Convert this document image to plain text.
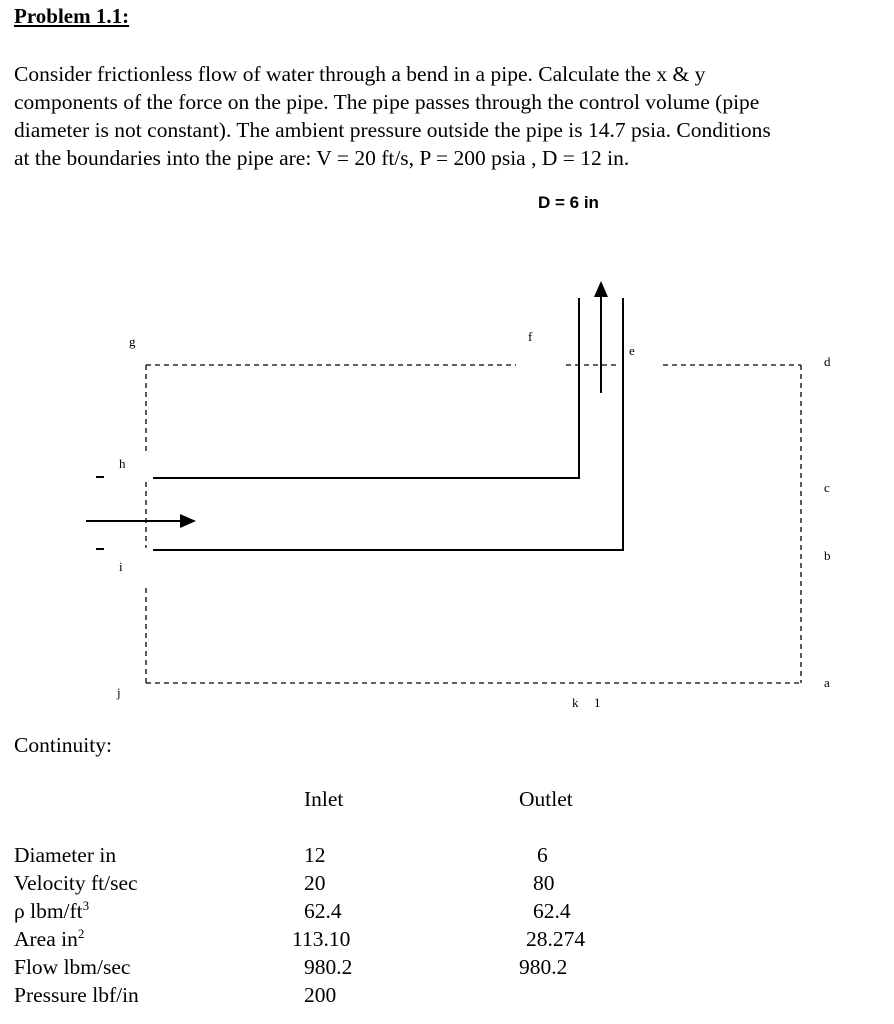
Problem 1.1:

Consider frictionless flow of water through a bend in a pipe. Calculate the x & y
components of the force on the pipe. The pipe passes through the control volume (pipe
diameter is not constant). The ambient pressure outside the pipe is 14.7 psia. Conditions
at the boundaries into the pipe are: V = 20 ft/s, P = 200 psia , D = 12 in.

D = 6 in
a
b
c
d
e
f
g
h
i
j
k 1
Continuity:
Inlet	Outlet
Diameter in	12	6
Velocity ft/sec	20	80
ρ lbm/$ft^3$	62.4	62.4
Area $in^2$	113.10	28.274
Flow lbm/sec	980.2	980.2
Pressure lbf/in	200
